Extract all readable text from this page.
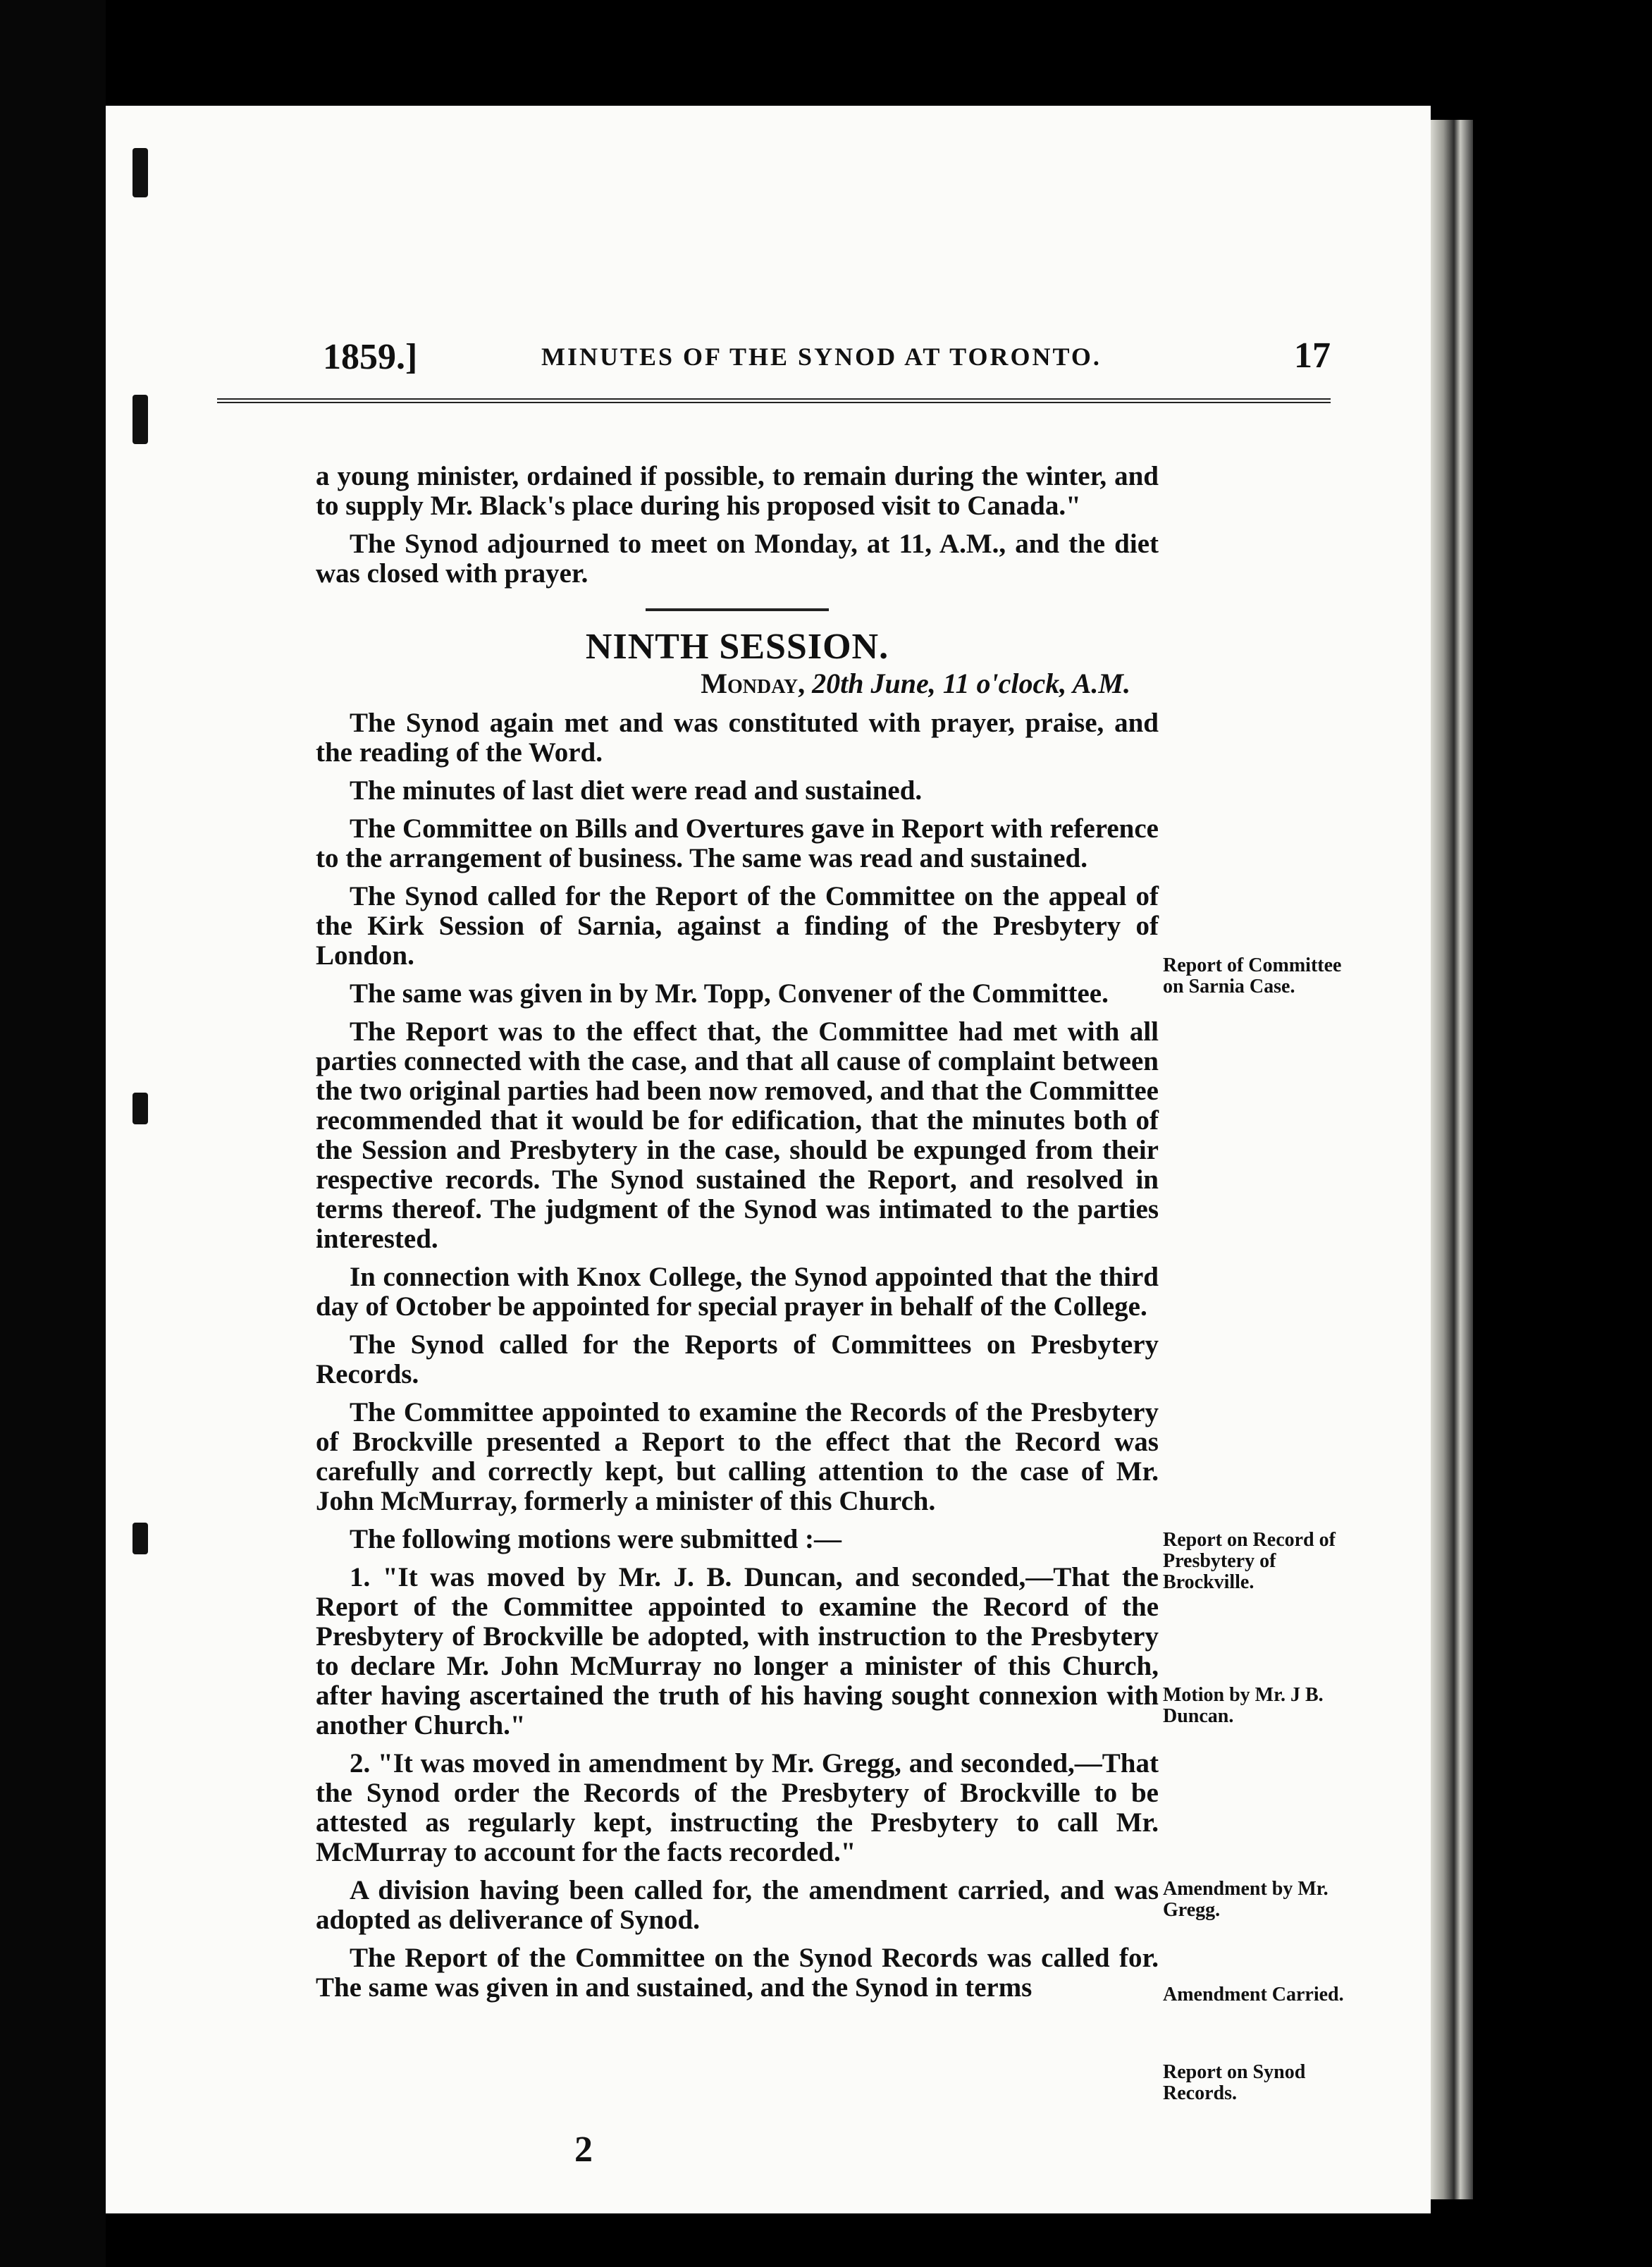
1859.]	MINUTES OF THE SYNOD AT TORONTO.	17

a young minister, ordained if possible, to remain during the winter, and to supply Mr. Black's place during his proposed visit to Canada."

The Synod adjourned to meet on Monday, at 11, A.M., and the diet was closed with prayer.

NINTH SESSION.
Monday, 20th June, 11 o'clock, A.M.

The Synod again met and was constituted with prayer, praise, and the reading of the Word.

The minutes of last diet were read and sustained.

The Committee on Bills and Overtures gave in Report with reference to the arrangement of business. The same was read and sustained.

The Synod called for the Report of the Committee on the appeal of the Kirk Session of Sarnia, against a finding of the Presbytery of London.

The same was given in by Mr. Topp, Convener of the Committee.

The Report was to the effect that, the Committee had met with all parties connected with the case, and that all cause of complaint between the two original parties had been now removed, and that the Committee recommended that it would be for edification, that the minutes both of the Session and Presbytery in the case, should be expunged from their respective records. The Synod sustained the Report, and resolved in terms thereof. The judgment of the Synod was intimated to the parties interested.

In connection with Knox College, the Synod appointed that the third day of October be appointed for special prayer in behalf of the College.

The Synod called for the Reports of Committees on Presbytery Records.

The Committee appointed to examine the Records of the Presbytery of Brockville presented a Report to the effect that the Record was carefully and correctly kept, but calling attention to the case of Mr. John McMurray, formerly a minister of this Church.

The following motions were submitted :—

1. "It was moved by Mr. J. B. Duncan, and seconded,—That the Report of the Committee appointed to examine the Record of the Presbytery of Brockville be adopted, with instruction to the Presbytery to declare Mr. John McMurray no longer a minister of this Church, after having ascertained the truth of his having sought connexion with another Church."

2. "It was moved in amendment by Mr. Gregg, and seconded,—That the Synod order the Records of the Presbytery of Brockville to be attested as regularly kept, instructing the Presbytery to call Mr. McMurray to account for the facts recorded."

A division having been called for, the amendment carried, and was adopted as deliverance of Synod.

The Report of the Committee on the Synod Records was called for. The same was given in and sustained, and the Synod in terms

Report of Committee on Sarnia Case.
Report on Record of Presbytery of Brockville.
Motion by Mr. J B. Duncan.
Amendment by Mr. Gregg.
Amendment Carried.
Report on Synod Records.
2
